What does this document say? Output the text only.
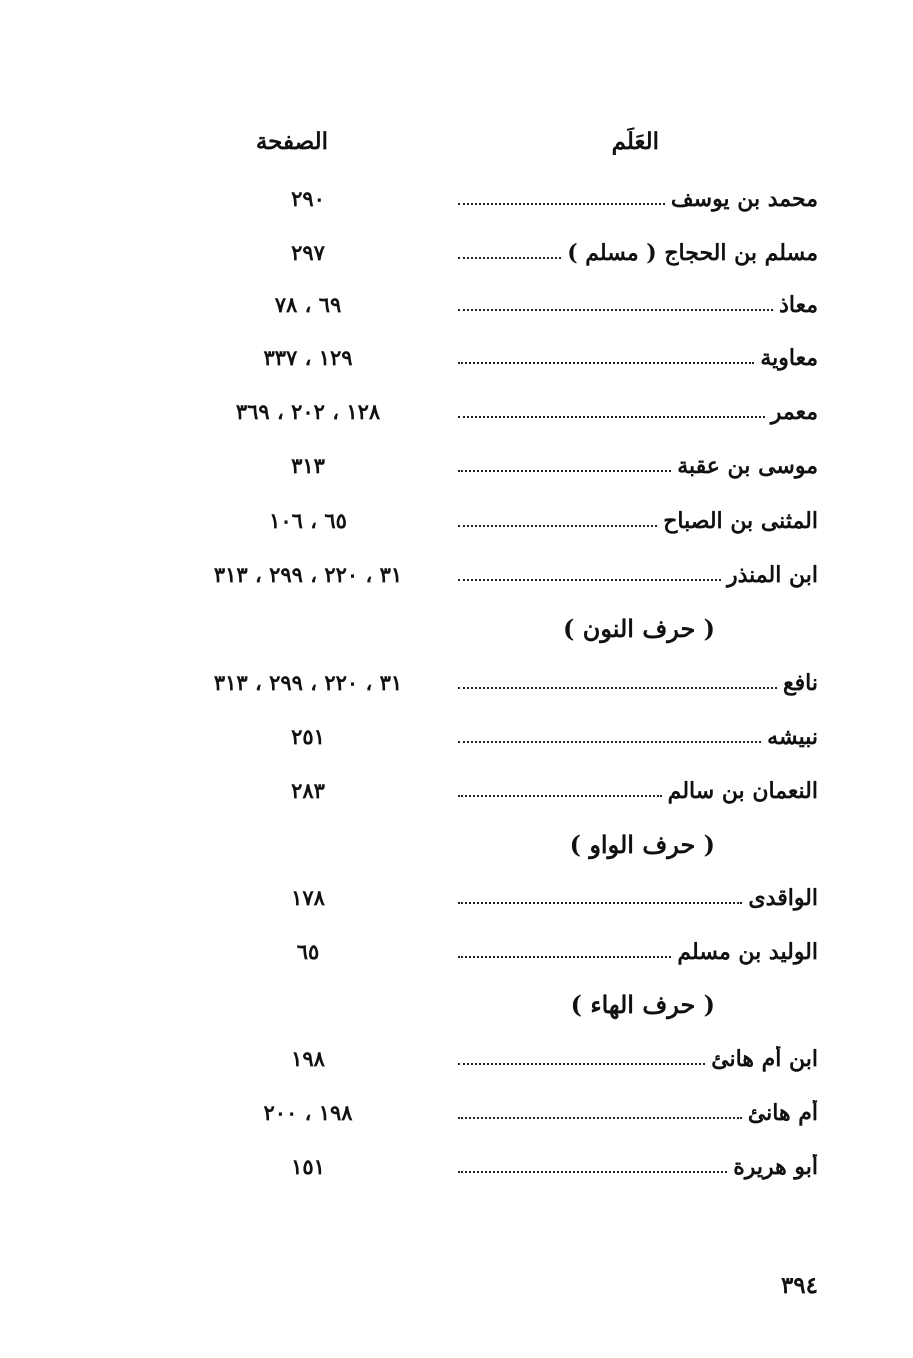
العَلَم
الصفحة
محمد بن يوسف
٢٩٠
مسلم بن الحجاج ( مسلم )
٢٩٧
معاذ
٦٩ ، ٧٨
معاوية
١٢٩ ، ٣٣٧
معمر
١٢٨ ، ٢٠٢ ، ٣٦٩
موسى بن عقبة
٣١٣
المثنى بن الصباح
٦٥ ، ١٠٦
ابن المنذر
٣١ ، ٢٢٠ ، ٢٩٩ ، ٣١٣
( حرف النون )
نافع
٣١ ، ٢٢٠ ، ٢٩٩ ، ٣١٣
نبيشه
٢٥١
النعمان بن سالم
٢٨٣
( حرف الواو )
الواقدى
١٧٨
الوليد بن مسلم
٦٥
( حرف الهاء )
ابن أم هانئ
١٩٨
أم هانئ
١٩٨ ، ٢٠٠
أبو هريرة
١٥١
٣٩٤
